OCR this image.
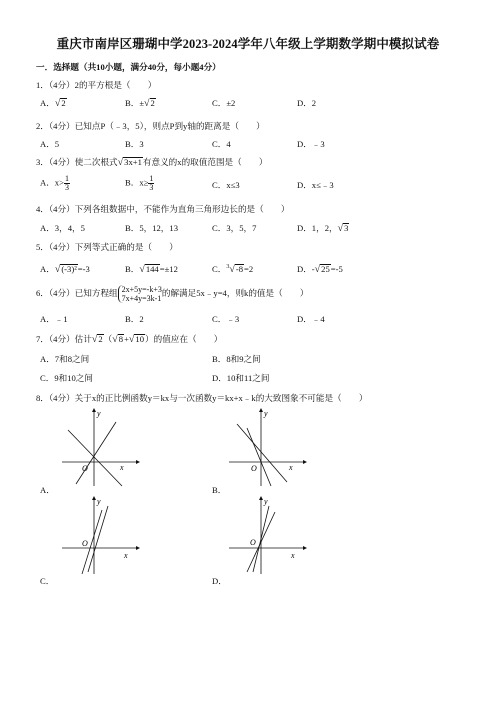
重庆市南岸区珊瑚中学2023-2024学年八年级上学期数学期中模拟试卷
一．选择题（共10小题，满分40分，每小题4分）
1．（4分）2的平方根是（　　）
A．√2	B．±√2	C．±2	D．2
2．（4分）已知点P（﹣3，5），则点P到y轴的距离是（　　）
A．5	B．3	C．4	D．﹣3
3．（4分）使二次根式√3x+1有意义的x的取值范围是（　　）
A．$x> \frac{1}{3}$	B．$x\ge \frac{1}{3}$	C．x≤3	D．x≤﹣3
4．（4分）下列各组数据中，不能作为直角三角形边长的是（　　）
A．3，4，5	B．5，12，13	C．3，5，7	D．1，2，√3
5．（4分）下列等式正确的是（　　）
A．√(-3)²=-3	B．√144=±12	C．$^3$√-8=2	D．-√25=-5
6．（4分）已知方程组 2x+5y=-k+3
7x+4y=3k-1
的解满足5x﹣y=4，则k的值是（　　）
A．﹣1	B．2	C．﹣3	D．﹣4
7．（4分）估计√2（√8+√10）的值应在（　　）
A．7和8之间	B．8和9之间
C．9和10之间	D．10和11之间
8．（4分）关于x的正比例函数y＝kx与一次函数y＝kx+x﹣k的大致图象不可能是（　　）
O	x
y
A．
O	x
y
B．
O
x
y
C．
O
x
y
D．
